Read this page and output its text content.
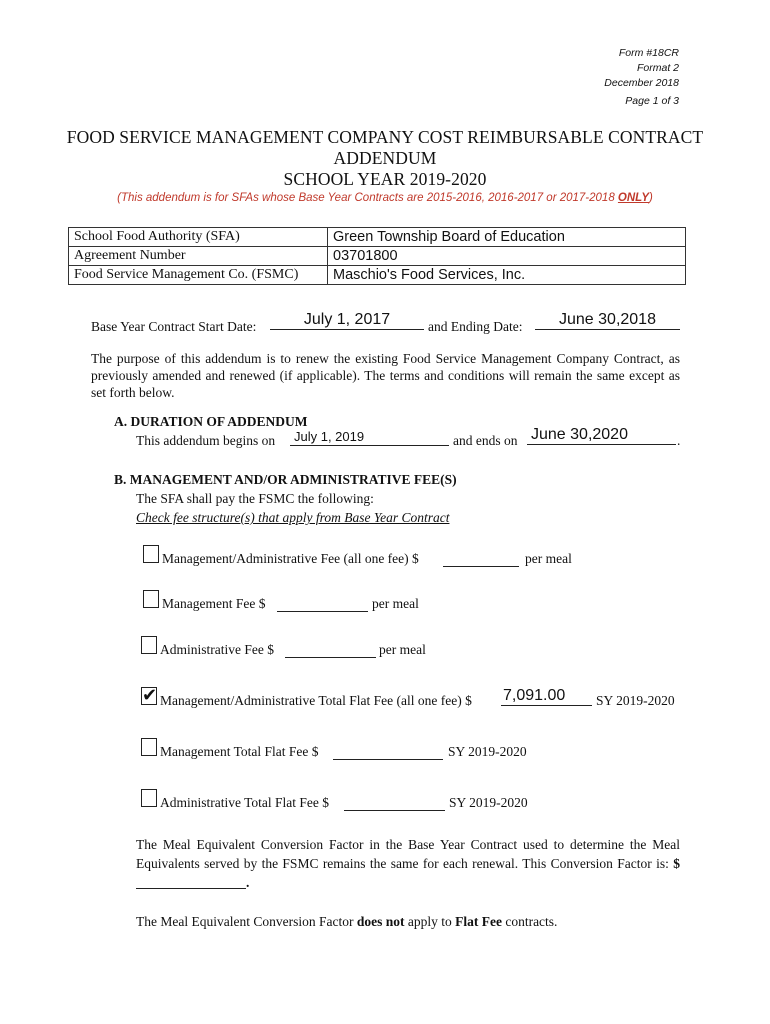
Form #18CR
Format 2
December 2018
Page 1 of 3
FOOD SERVICE MANAGEMENT COMPANY COST REIMBURSABLE CONTRACT
ADDENDUM
SCHOOL YEAR 2019-2020
(This addendum is for SFAs whose Base Year Contracts are 2015-2016, 2016-2017 or 2017-2018 ONLY)
School Food Authority (SFA)	Green Township Board of Education
Agreement Number	03701800
Food Service Management Co. (FSMC)	Maschio's Food Services, Inc.
Base Year Contract Start Date:	July 1, 2017	and Ending Date:	June 30,2018
The purpose of this addendum is to renew the existing Food Service Management Company Contract, as previously amended and renewed (if applicable). The terms and conditions will remain the same except as set forth below.
A. DURATION OF ADDENDUM
This addendum begins on	July 1, 2019	and ends on June 30,2020	.
B. MANAGEMENT AND/OR ADMINISTRATIVE FEE(S)
The SFA shall pay the FSMC the following:
Check fee structure(s) that apply from Base Year Contract
Management/Administrative Fee (all one fee) $	per meal
Management Fee $	per meal
Administrative Fee $	per meal
✔ Management/Administrative Total Flat Fee (all one fee) $ 7,091.00	SY 2019-2020
Management Total Flat Fee $	SY 2019-2020
Administrative Total Flat Fee $	SY 2019-2020
The Meal Equivalent Conversion Factor in the Base Year Contract used to determine the Meal Equivalents served by the FSMC remains the same for each renewal. This Conversion Factor is: $.
The Meal Equivalent Conversion Factor does not apply to Flat Fee contracts.
